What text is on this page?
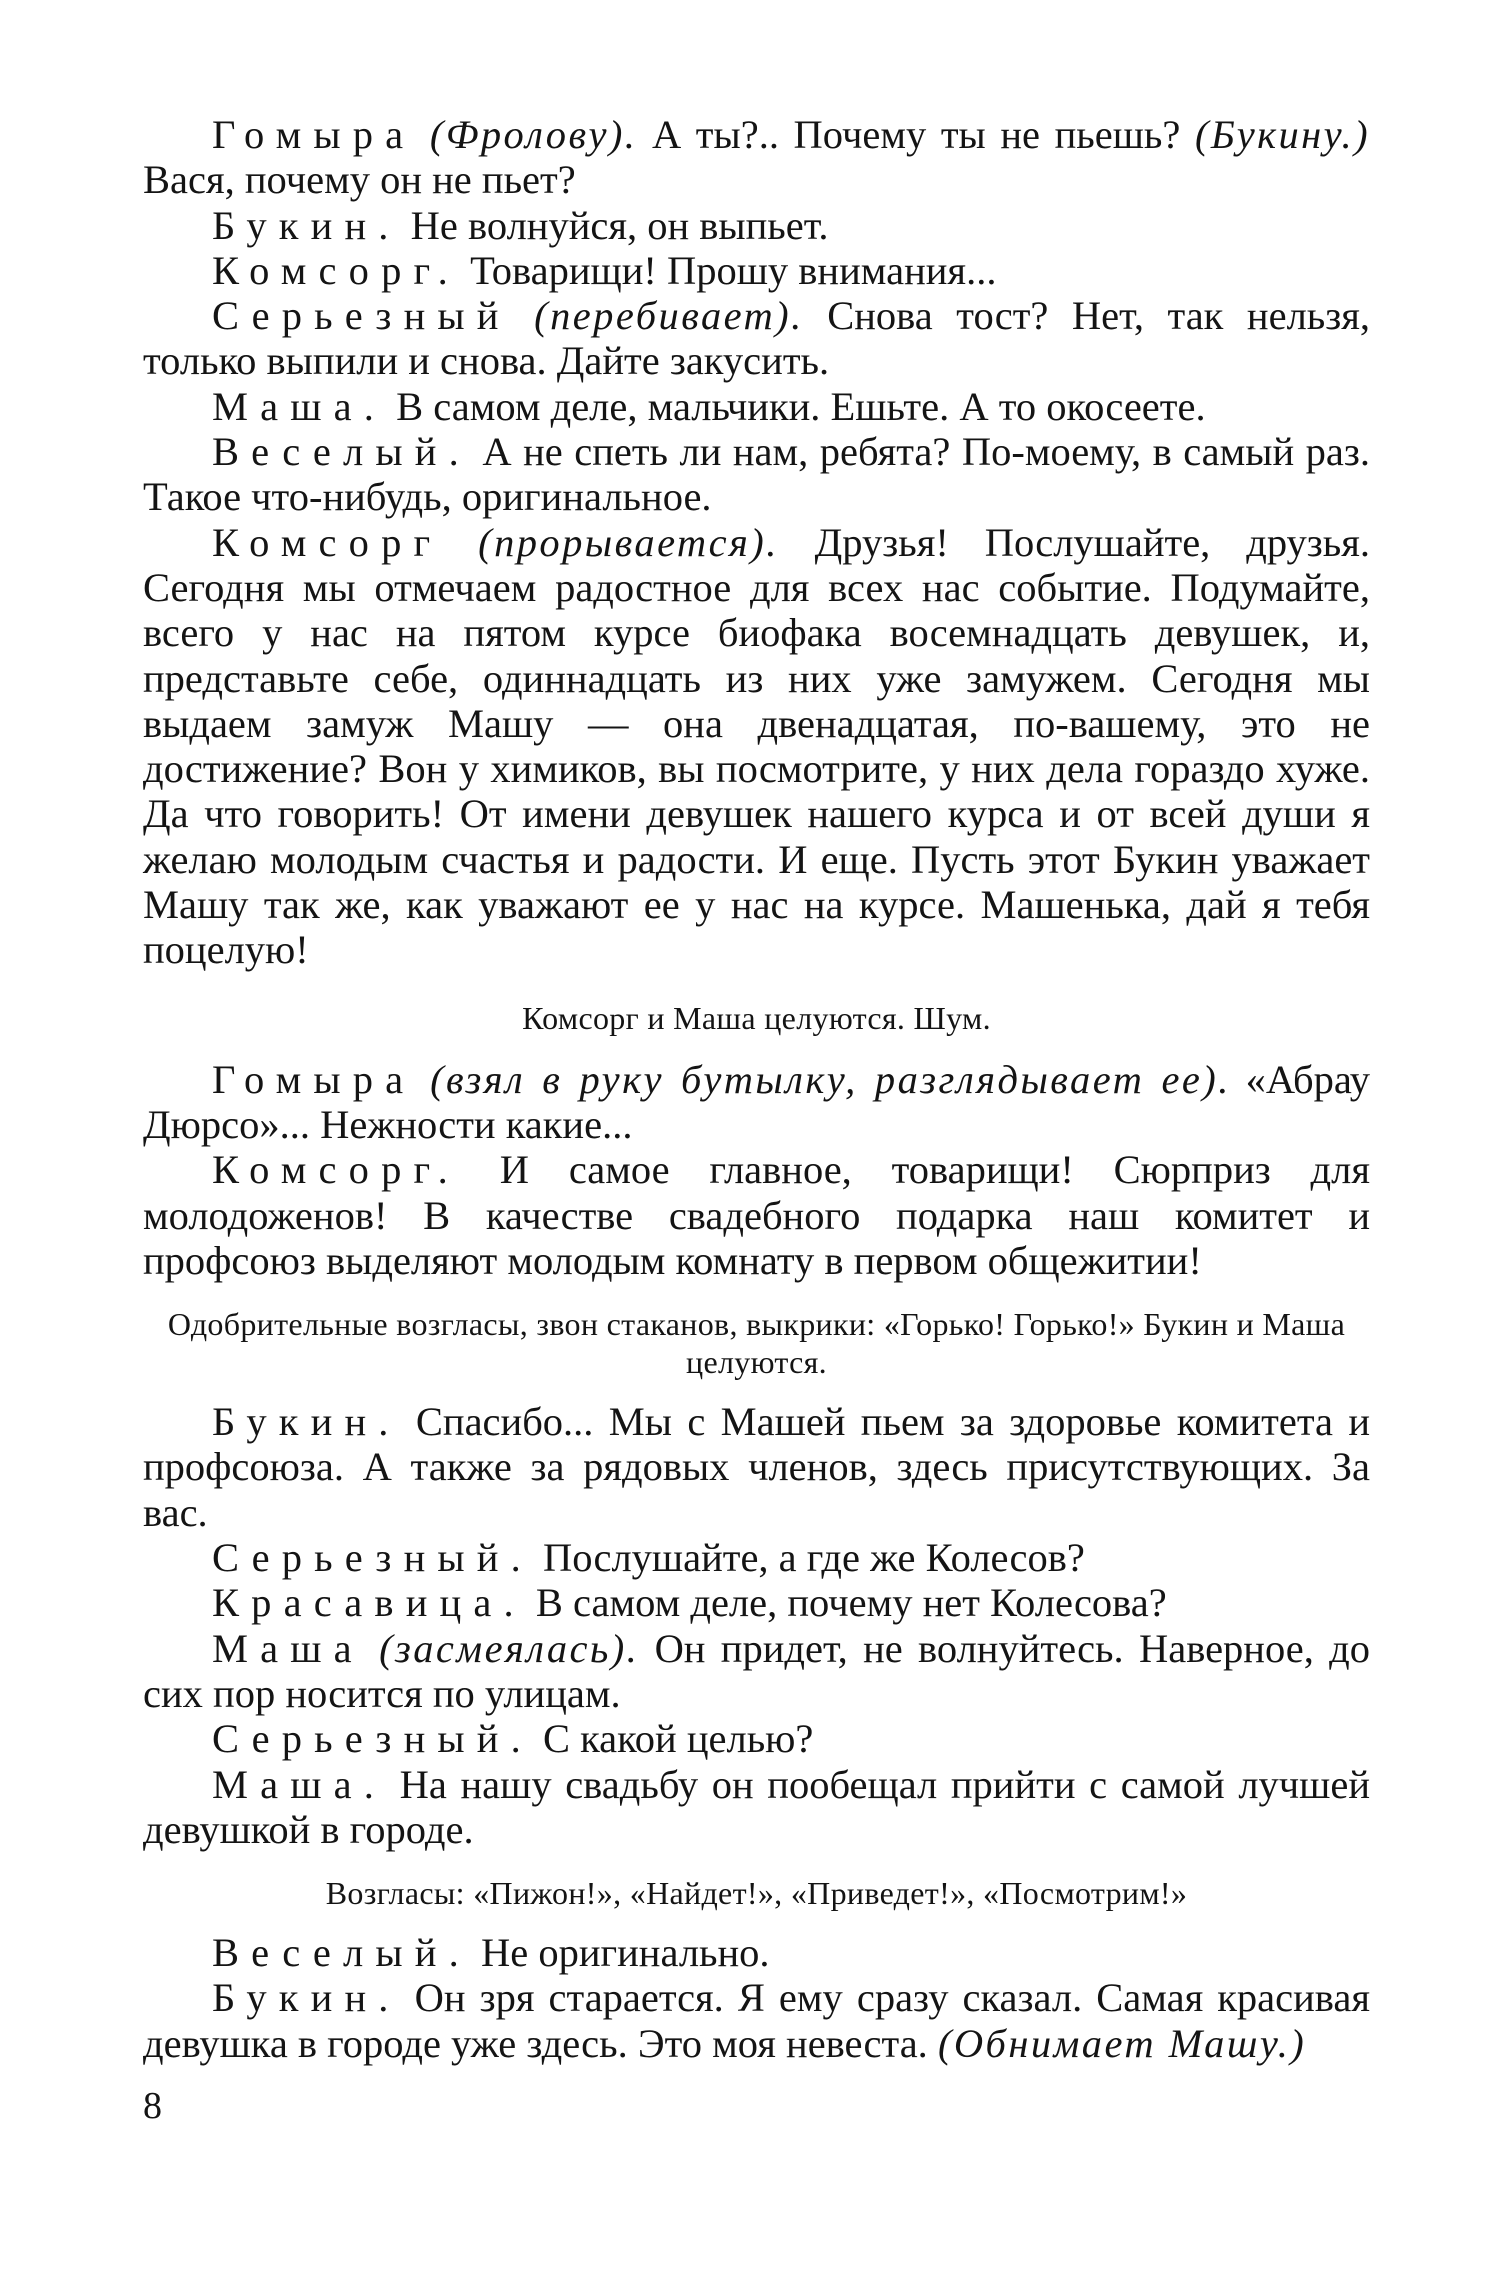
Гомыра (Фролову). А ты?.. Почему ты не пьешь? (Букину.) Вася, почему он не пьет?

Букин. Не волнуйся, он выпьет.

Комсорг. Товарищи! Прошу внимания...

Серьезный (перебивает). Снова тост? Нет, так нельзя, только выпили и снова. Дайте закусить.

Маша. В самом деле, мальчики. Ешьте. А то окосеете.

Веселый. А не спеть ли нам, ребята? По-моему, в самый раз. Такое что-нибудь, оригинальное.

Комсорг (прорывается). Друзья! Послушайте, друзья. Сегодня мы отмечаем радостное для всех нас событие. Подумайте, всего у нас на пятом курсе биофака восемнадцать девушек, и, представьте себе, одиннадцать из них уже замужем. Сегодня мы выдаем замуж Машу — она двенадцатая, по-вашему, это не достижение? Вон у химиков, вы посмотрите, у них дела гораздо хуже. Да что говорить! От имени девушек нашего курса и от всей души я желаю молодым счастья и радости. И еще. Пусть этот Букин уважает Машу так же, как уважают ее у нас на курсе. Машенька, дай я тебя поцелую!

Комсорг и Маша целуются. Шум.

Гомыра (взял в руку бутылку, разглядывает ее). «Абрау Дюрсо»... Нежности какие...

Комсорг. И самое главное, товарищи! Сюрприз для молодоженов! В качестве свадебного подарка наш комитет и профсоюз выделяют молодым комнату в первом общежитии!

Одобрительные возгласы, звон стаканов, выкрики: «Горько! Горько!» Букин и Маша целуются.

Букин. Спасибо... Мы с Машей пьем за здоровье комитета и профсоюза. А также за рядовых членов, здесь присутствующих. За вас.

Серьезный. Послушайте, а где же Колесов?

Красавица. В самом деле, почему нет Колесова?

Маша (засмеялась). Он придет, не волнуйтесь. Наверное, до сих пор носится по улицам.

Серьезный. С какой целью?

Маша. На нашу свадьбу он пообещал прийти с самой лучшей девушкой в городе.

Возгласы: «Пижон!», «Найдет!», «Приведет!», «Посмотрим!»

Веселый. Не оригинально.

Букин. Он зря старается. Я ему сразу сказал. Самая красивая девушка в городе уже здесь. Это моя невеста. (Обнимает Машу.)

8
